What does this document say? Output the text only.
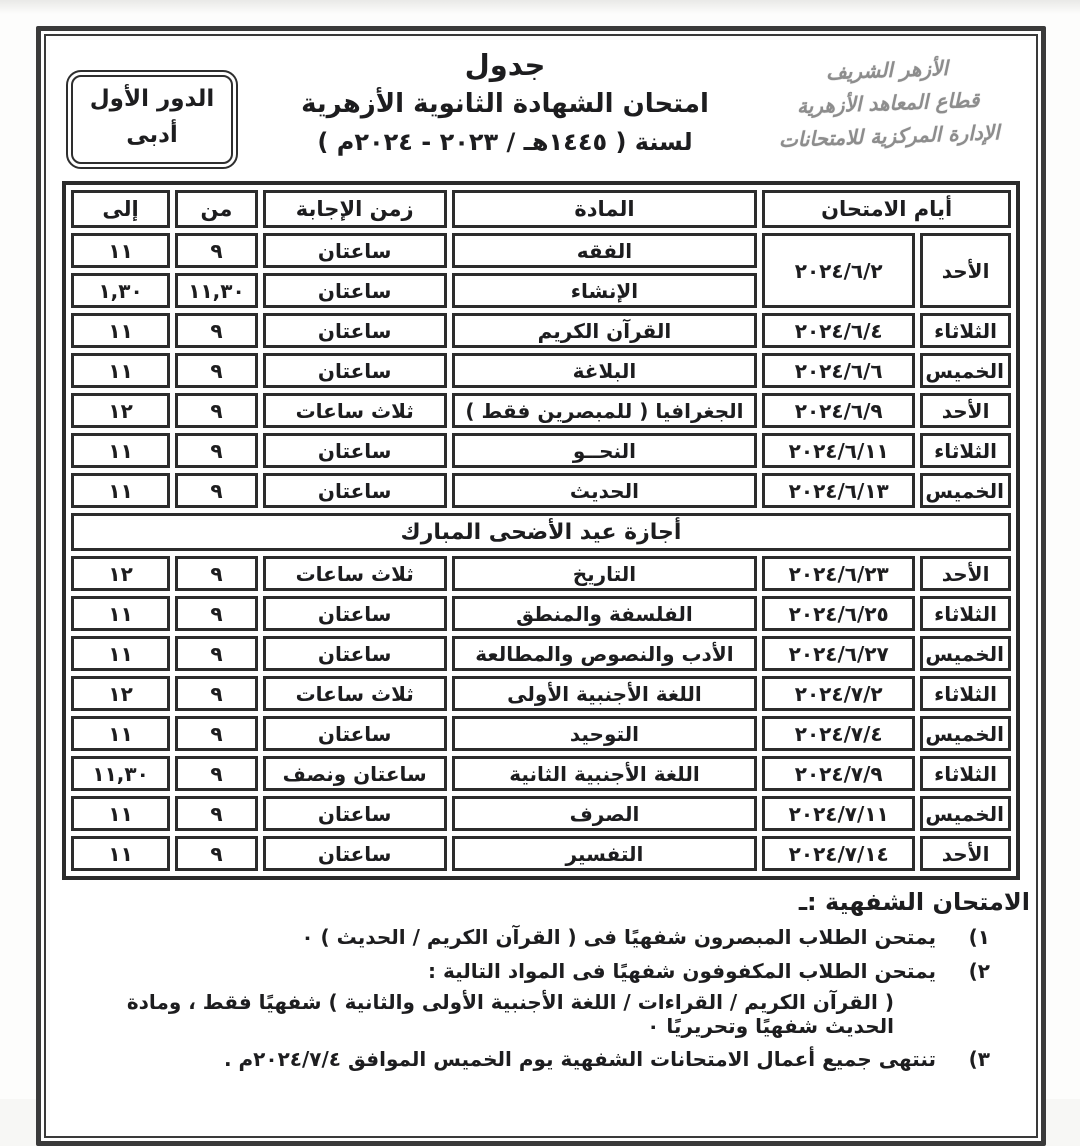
الأزهر الشريف
قطاع المعاهد الأزهرية
الإدارة المركزية للامتحانات
جدول
امتحان الشهادة الثانوية الأزهرية
لسنة ( ١٤٤٥هـ / ٢٠٢٣ - ٢٠٢٤م )
الدور الأول
أدبى
أيام الامتحان		المادة	زمن الإجابة	من	إلى
الأحد	٢٠٢٤/٦/٢	الفقه	ساعتان	٩	١١
		الإنشاء	ساعتان	١١,٣٠	١,٣٠
الثلاثاء	٢٠٢٤/٦/٤	القرآن الكريم	ساعتان	٩	١١
الخميس	٢٠٢٤/٦/٦	البلاغة	ساعتان	٩	١١
الأحد	٢٠٢٤/٦/٩	الجغرافيا ( للمبصرين فقط )	ثلاث ساعات	٩	١٢
الثلاثاء	٢٠٢٤/٦/١١	النحــو	ساعتان	٩	١١
الخميس	٢٠٢٤/٦/١٣	الحديث	ساعتان	٩	١١
أجازة عيد الأضحى المبارك					
الأحد	٢٠٢٤/٦/٢٣	التاريخ	ثلاث ساعات	٩	١٢
الثلاثاء	٢٠٢٤/٦/٢٥	الفلسفة والمنطق	ساعتان	٩	١١
الخميس	٢٠٢٤/٦/٢٧	الأدب والنصوص والمطالعة	ساعتان	٩	١١
الثلاثاء	٢٠٢٤/٧/٢	اللغة الأجنبية الأولى	ثلاث ساعات	٩	١٢
الخميس	٢٠٢٤/٧/٤	التوحيد	ساعتان	٩	١١
الثلاثاء	٢٠٢٤/٧/٩	اللغة الأجنبية الثانية	ساعتان ونصف	٩	١١,٣٠
الخميس	٢٠٢٤/٧/١١	الصرف	ساعتان	٩	١١
الأحد	٢٠٢٤/٧/١٤	التفسير	ساعتان	٩	١١
الامتحان الشفهية :ـ
١)
يمتحن الطلاب المبصرون شفهيًا فى ( القرآن الكريم / الحديث ) ٠
٢)
يمتحن الطلاب المكفوفون شفهيًا فى المواد التالية :
( القرآن الكريم / القراءات / اللغة الأجنبية الأولى والثانية ) شفهيًا فقط ، ومادة الحديث شفهيًا وتحريريًا ٠
٣)
تنتهى جميع أعمال الامتحانات الشفهية يوم الخميس الموافق ٢٠٢٤/٧/٤م .
